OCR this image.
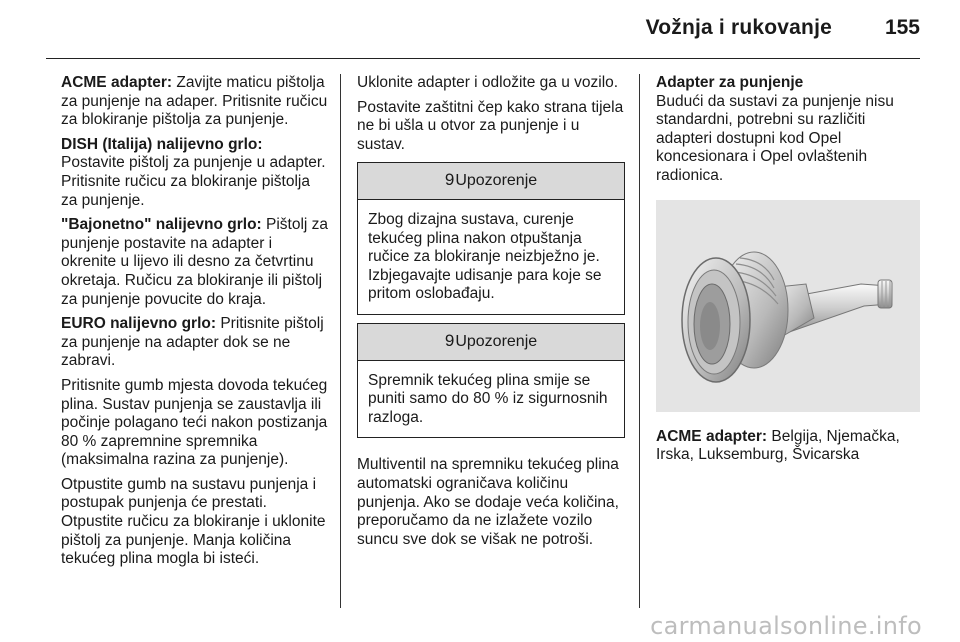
Vožnja i rukovanje	155

ACME adapter: Zavijte maticu pištolja za punjenje na adaper. Pritisnite ručicu za blokiranje pištolja za punjenje.

DISH (Italija) nalijevno grlo: Postavite pištolj za punjenje u adapter. Pritisnite ručicu za blokiranje pištolja za punjenje.

"Bajonetno" nalijevno grlo: Pištolj za punjenje postavite na adapter i okrenite u lijevo ili desno za četvrtinu okretaja. Ručicu za blokiranje ili pištolj za punjenje povucite do kraja.

EURO nalijevno grlo: Pritisnite pištolj za punjenje na adapter dok se ne zabravi.

Pritisnite gumb mjesta dovoda tekućeg plina. Sustav punjenja se zaustavlja ili počinje polagano teći nakon postizanja 80 % zapremnine spremnika (maksimalna razina za punjenje).

Otpustite gumb na sustavu punjenja i postupak punjenja će prestati. Otpustite ručicu za blokiranje i uklonite pištolj za punjenje. Manja količina tekućeg plina mogla bi isteći.

Uklonite adapter i odložite ga u vozilo.

Postavite zaštitni čep kako strana tijela ne bi ušla u otvor za punjenje i u sustav.

9Upozorenje
Zbog dizajna sustava, curenje tekućeg plina nakon otpuštanja ručice za blokiranje neizbježno je. Izbjegavajte udisanje para koje se pritom oslobađaju.
9Upozorenje
Spremnik tekućeg plina smije se puniti samo do 80 % iz sigurnosnih razloga.

Multiventil na spremniku tekućeg plina automatski ograničava količinu punjenja. Ako se dodaje veća količina, preporučamo da ne izlažete vozilo suncu sve dok se višak ne potroši.

Adapter za punjenje

Budući da sustavi za punjenje nisu standardni, potrebni su različiti adapteri dostupni kod Opel koncesionara i Opel ovlaštenih radionica.

ACME adapter: Belgija, Njemačka, Irska, Luksemburg, Švicarska

carmanualsonline.info
